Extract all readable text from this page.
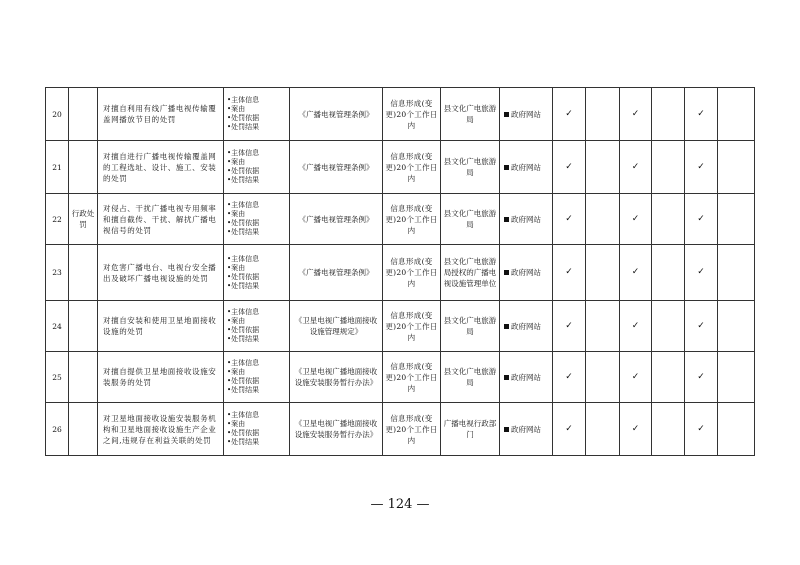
20		对擅自利用有线广播电视传输覆盖网播放节目的处罚	•主体信息
•案由
•处罚依据
•处罚结果	《广播电视管理条例》	信息形成(变更)20个工作日内	县文化广电旅游局	政府网站	✓		✓		✓	
21		对擅自进行广播电视传输覆盖网的工程选址、设计、施工、安装的处罚	•主体信息
•案由
•处罚依据
•处罚结果	《广播电视管理条例》	信息形成(变更)20个工作日内	县文化广电旅游局	政府网站	✓		✓		✓	
22	行政处罚	对侵占、干扰广播电视专用频率和擅自截传、干扰、解扰广播电视信号的处罚	•主体信息
•案由
•处罚依据
•处罚结果	《广播电视管理条例》	信息形成(变更)20个工作日内	县文化广电旅游局	政府网站	✓		✓		✓	
23		对危害广播电台、电视台安全播出及破坏广播电视设施的处罚	•主体信息
•案由
•处罚依据
•处罚结果	《广播电视管理条例》	信息形成(变更)20个工作日内	县文化广电旅游局授权的广播电视设施管理单位	政府网站	✓		✓		✓	
24		对擅自安装和使用卫星地面接收设施的处罚	•主体信息
•案由
•处罚依据
•处罚结果	《卫星电视广播地面接收设施管理规定》	信息形成(变更)20个工作日内	县文化广电旅游局	政府网站	✓		✓		✓	
25		对擅自提供卫星地面接收设施安装服务的处罚	•主体信息
•案由
•处罚依据
•处罚结果	《卫星电视广播地面接收设施安装服务暂行办法》	信息形成(变更)20个工作日内	县文化广电旅游局	政府网站	✓		✓		✓	
26		对卫星地面接收设施安装服务机构和卫星地面接收设施生产企业之间,违规存在利益关联的处罚	•主体信息
•案由
•处罚依据
•处罚结果	《卫星电视广播地面接收设施安装服务暂行办法》	信息形成(变更)20个工作日内	广播电视行政部门	政府网站	✓		✓		✓	
— 124 —
